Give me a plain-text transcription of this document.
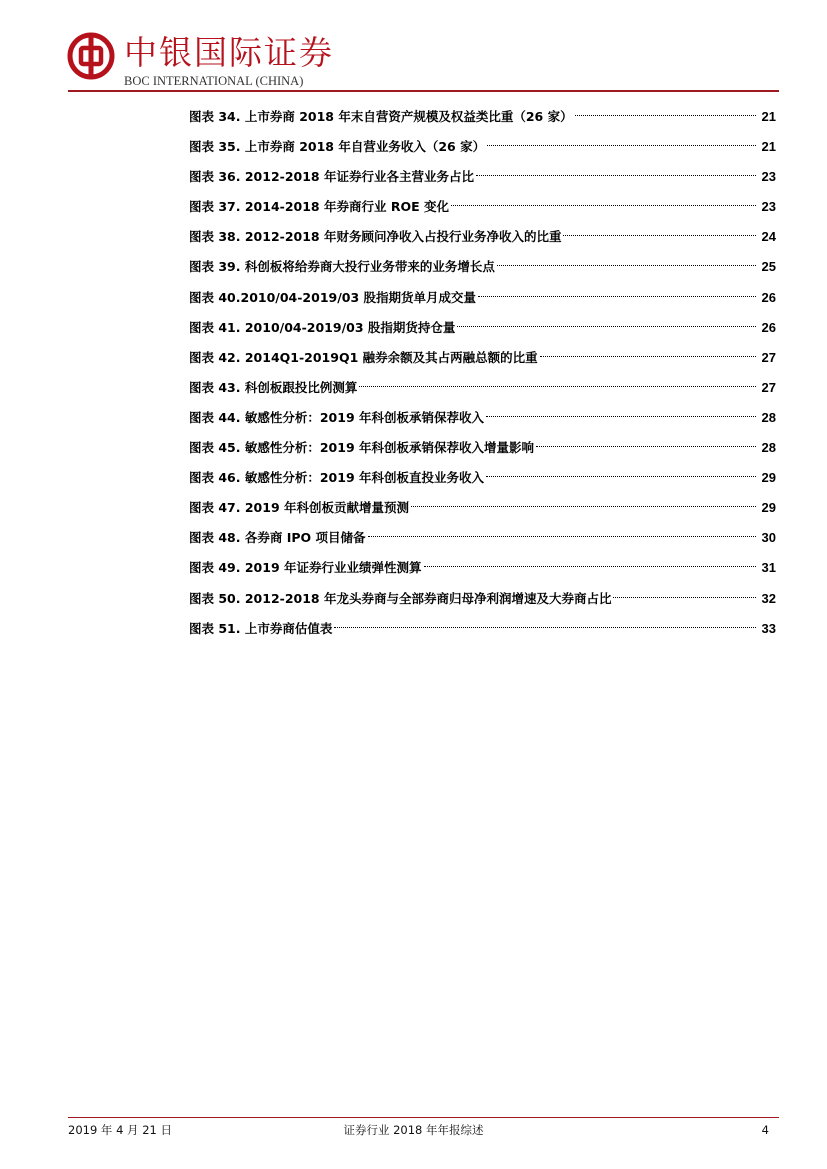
中银国际证券
BOC INTERNATIONAL (CHINA)
图表 34. 上市券商 2018 年末自营资产规模及权益类比重（26 家）	21
图表 35. 上市券商 2018 年自营业务收入（26 家）	21
图表 36. 2012-2018 年证券行业各主营业务占比	23
图表 37. 2014-2018 年券商行业 ROE 变化	23
图表 38. 2012-2018 年财务顾问净收入占投行业务净收入的比重	24
图表 39. 科创板将给券商大投行业务带来的业务增长点	25
图表 40.2010/04-2019/03 股指期货单月成交量	26
图表 41. 2010/04-2019/03 股指期货持仓量	26
图表 42. 2014Q1-2019Q1 融券余额及其占两融总额的比重	27
图表 43. 科创板跟投比例测算	27
图表 44. 敏感性分析：2019 年科创板承销保荐收入	28
图表 45. 敏感性分析：2019 年科创板承销保荐收入增量影响	28
图表 46. 敏感性分析：2019 年科创板直投业务收入	29
图表 47. 2019 年科创板贡献增量预测	29
图表 48. 各券商 IPO 项目储备	30
图表 49. 2019 年证券行业业绩弹性测算	31
图表 50. 2012-2018 年龙头券商与全部券商归母净利润增速及大券商占比	32
图表 51. 上市券商估值表	33
2019 年 4 月 21 日	证券行业 2018 年年报综述	4
